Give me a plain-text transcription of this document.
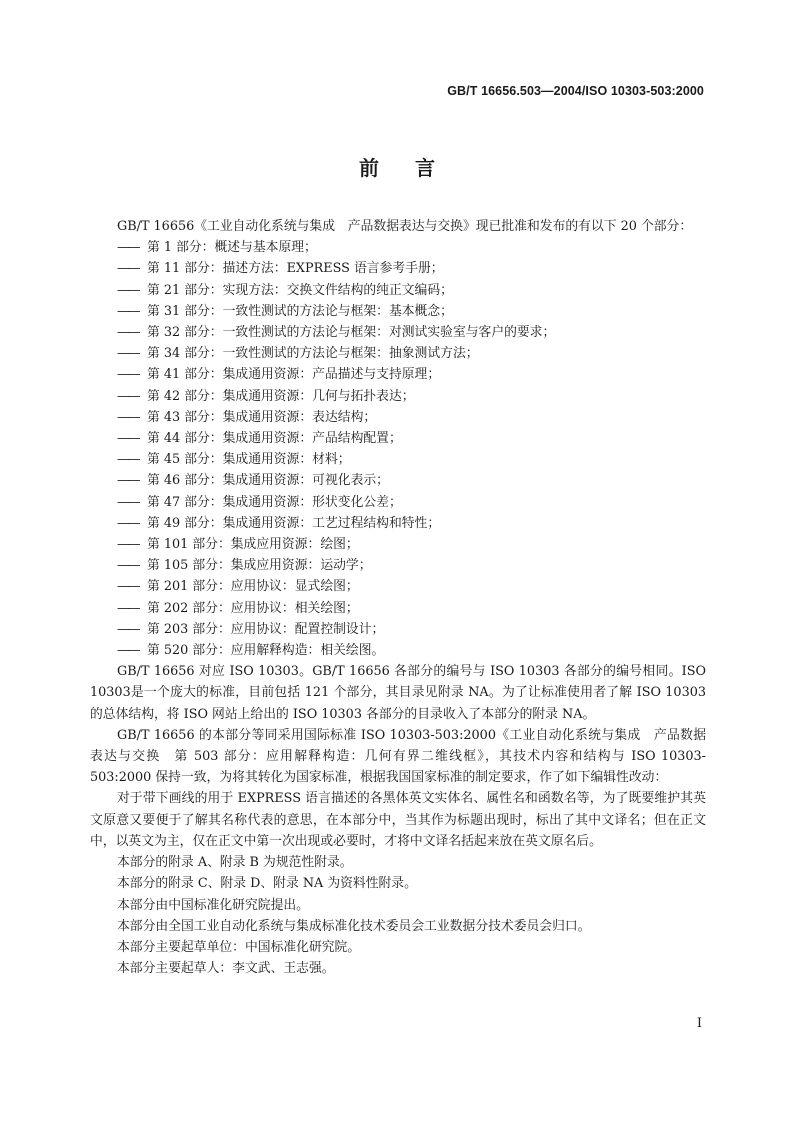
GB/T 16656.503—2004/ISO 10303-503:2000
前言

GB/T 16656《工业自动化系统与集成　产品数据表达与交换》现已批准和发布的有以下 20 个部分：

—— 第 1 部分：概述与基本原理；
—— 第 11 部分：描述方法：EXPRESS 语言参考手册；
—— 第 21 部分：实现方法：交换文件结构的纯正文编码；
—— 第 31 部分：一致性测试的方法论与框架：基本概念；
—— 第 32 部分：一致性测试的方法论与框架：对测试实验室与客户的要求；
—— 第 34 部分：一致性测试的方法论与框架：抽象测试方法；
—— 第 41 部分：集成通用资源：产品描述与支持原理；
—— 第 42 部分：集成通用资源：几何与拓扑表达；
—— 第 43 部分：集成通用资源：表达结构；
—— 第 44 部分：集成通用资源：产品结构配置；
—— 第 45 部分：集成通用资源：材料；
—— 第 46 部分：集成通用资源：可视化表示；
—— 第 47 部分：集成通用资源：形状变化公差；
—— 第 49 部分：集成通用资源：工艺过程结构和特性；
—— 第 101 部分：集成应用资源：绘图；
—— 第 105 部分：集成应用资源：运动学；
—— 第 201 部分：应用协议：显式绘图；
—— 第 202 部分：应用协议：相关绘图；
—— 第 203 部分：应用协议：配置控制设计；
—— 第 520 部分：应用解释构造：相关绘图。

GB/T 16656 对应 ISO 10303。GB/T 16656 各部分的编号与 ISO 10303 各部分的编号相同。ISO 10303是一个庞大的标准，目前包括 121 个部分，其目录见附录 NA。为了让标准使用者了解 ISO 10303的总体结构，将 ISO 网站上给出的 ISO 10303 各部分的目录收入了本部分的附录 NA。

GB/T 16656 的本部分等同采用国际标准 ISO 10303-503:2000《工业自动化系统与集成　产品数据表达与交换　第 503 部分：应用解释构造：几何有界二维线框》，其技术内容和结构与 ISO 10303-503:2000 保持一致，为将其转化为国家标准，根据我国国家标准的制定要求，作了如下编辑性改动：

对于带下画线的用于 EXPRESS 语言描述的各黑体英文实体名、属性名和函数名等，为了既要维护其英文原意又要便于了解其名称代表的意思，在本部分中，当其作为标题出现时，标出了其中文译名；但在正文中，以英文为主，仅在正文中第一次出现或必要时，才将中文译名括起来放在英文原名后。

本部分的附录 A、附录 B 为规范性附录。

本部分的附录 C、附录 D、附录 NA 为资料性附录。

本部分由中国标准化研究院提出。

本部分由全国工业自动化系统与集成标准化技术委员会工业数据分技术委员会归口。

本部分主要起草单位：中国标准化研究院。

本部分主要起草人：李文武、王志强。

I
